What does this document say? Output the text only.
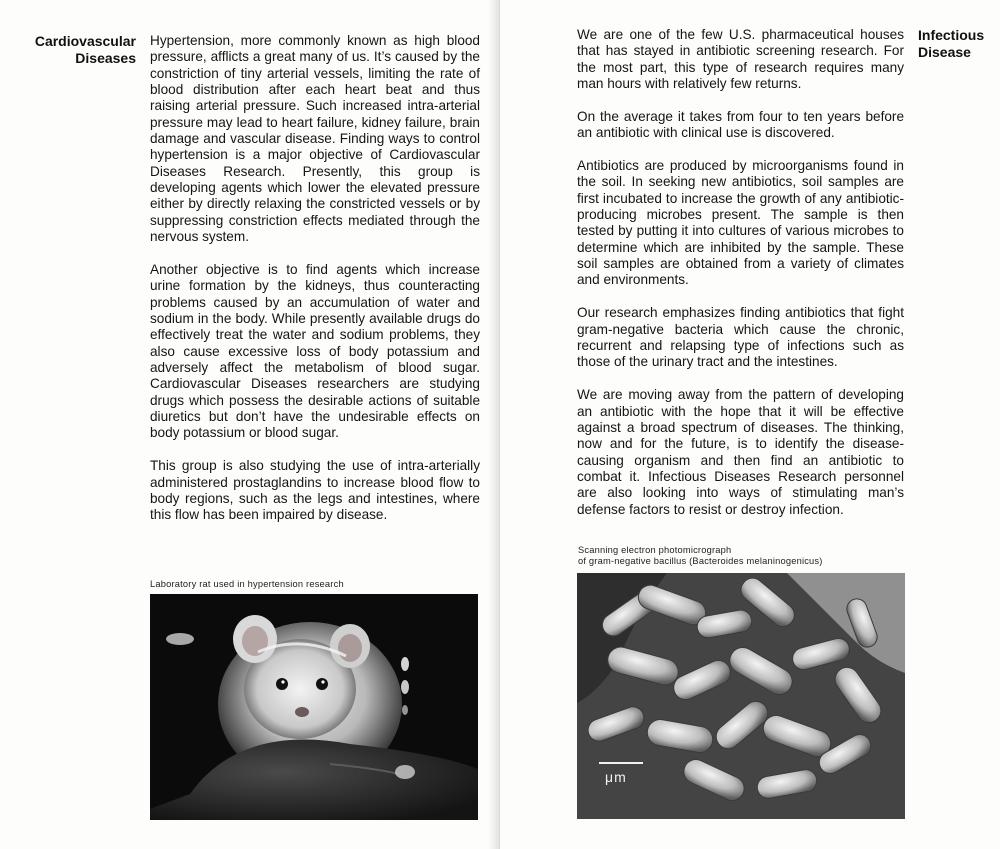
Cardiovascular
Diseases

Hypertension, more commonly known as high blood pressure, afflicts a great many of us. It’s caused by the constriction of tiny arterial vessels, limiting the rate of blood distribution after each heart beat and thus raising arterial pressure. Such increased intra-arterial pressure may lead to heart failure, kidney failure, brain damage and vascular disease. Finding ways to control hypertension is a major objective of Cardiovascular Diseases Research. Presently, this group is developing agents which lower the elevated pressure either by directly relaxing the constricted vessels or by suppressing constriction effects mediated through the nervous system.

Another objective is to find agents which increase urine formation by the kidneys, thus counteracting problems caused by an accumulation of water and sodium in the body. While presently available drugs do effectively treat the water and sodium problems, they also cause excessive loss of body potassium and adversely affect the metabolism of blood sugar. Cardiovascular Diseases researchers are studying drugs which possess the desirable actions of suitable diuretics but don’t have the undesirable effects on body potassium or blood sugar.

This group is also studying the use of intra-arterially administered prostaglandins to increase blood flow to body regions, such as the legs and intestines, where this flow has been impaired by disease.

Laboratory rat used in hypertension research
Infectious
Disease

We are one of the few U.S. pharmaceutical houses that has stayed in antibiotic screening research. For the most part, this type of research requires many man hours with relatively few returns.

On the average it takes from four to ten years before an antibiotic with clinical use is discovered.

Antibiotics are produced by microorganisms found in the soil. In seeking new antibiotics, soil samples are first incubated to increase the growth of any antibiotic-producing microbes present. The sample is then tested by putting it into cultures of various microbes to determine which are inhibited by the sample. These soil samples are obtained from a variety of climates and environments.

Our research emphasizes finding antibiotics that fight gram-negative bacteria which cause the chronic, recurrent and relapsing type of infections such as those of the urinary tract and the intestines.

We are moving away from the pattern of developing an antibiotic with the hope that it will be effective against a broad spectrum of diseases. The thinking, now and for the future, is to identify the disease-causing organism and then find an antibiotic to combat it. Infectious Diseases Research personnel are also looking into ways of stimulating man’s defense factors to resist or destroy infection.

Scanning electron photomicrograph
of gram-negative bacillus (Bacteroides melaninogenicus)
μm
